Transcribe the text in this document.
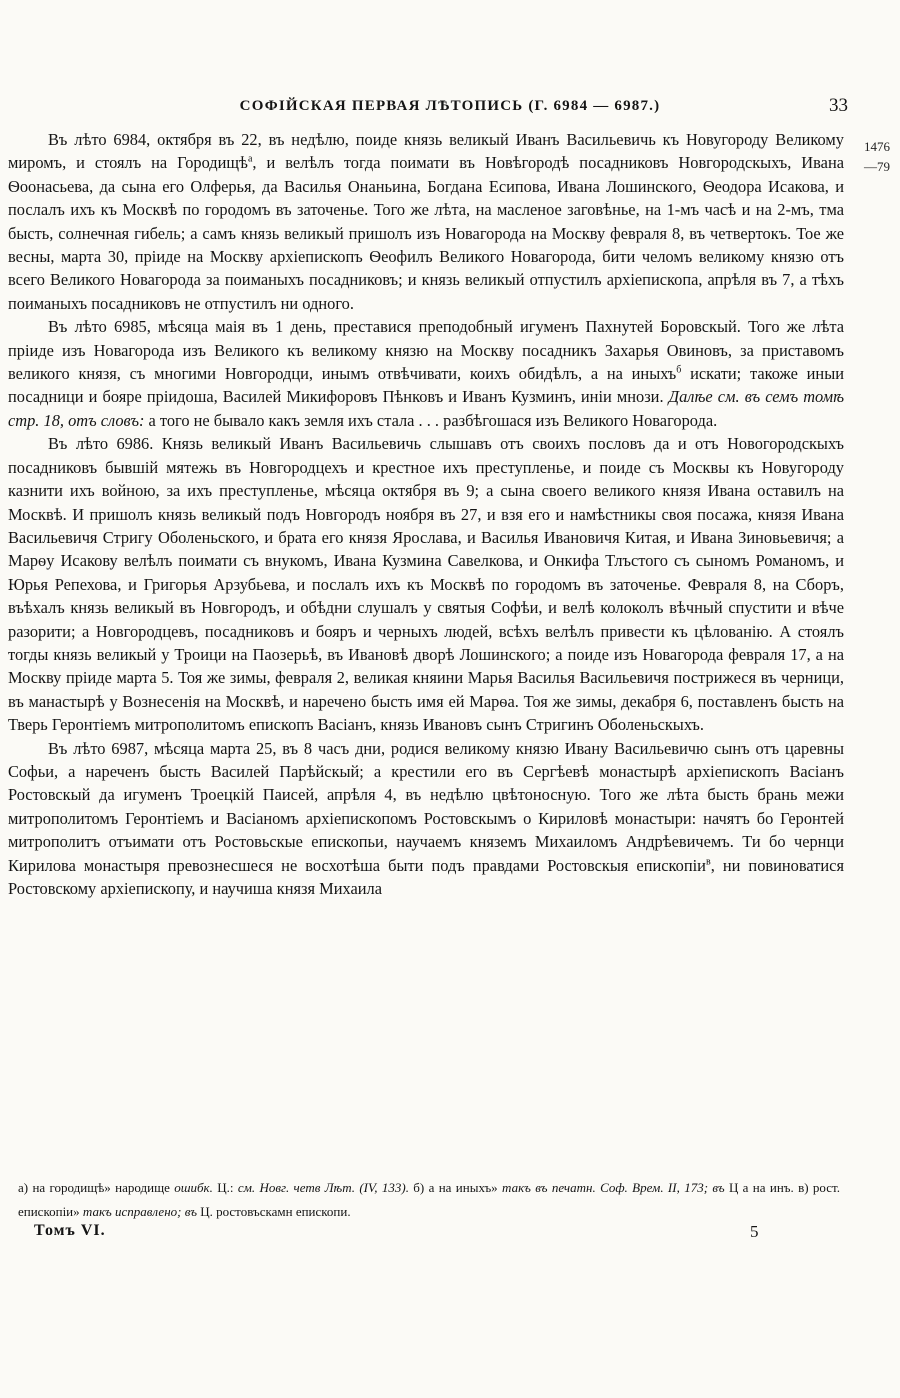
СОФІЙСКАЯ ПЕРВАЯ ЛѢТОПИСЬ (Г. 6984 — 6987.)	33
1476
—79

Въ лѣто 6984, октября въ 22, въ недѣлю, поиде князь великый Иванъ Васильевичь къ Новугороду Великому миромъ, и стоялъ на Городищѣ$^а$, и велѣлъ тогда поимати въ Новѣгородѣ посадниковъ Новгородскыхъ, Ивана Ѳоонасьева, да сына его Олферья, да Василья Онаньина, Богдана Есипова, Ивана Лошинского, Ѳеодора Исакова, и послалъ ихъ къ Москвѣ по городомъ въ заточенье. Того же лѣта, на масленое заговѣнье, на 1-мъ часѣ и на 2-мъ, тма бысть, солнечная гибель; а самъ князь великый пришолъ изъ Новагорода на Москву февраля 8, въ четвертокъ. Тое же весны, марта 30, пріиде на Москву архіепископъ Ѳеофилъ Великого Новагорода, бити челомъ великому князю отъ всего Великого Новагорода за поиманыхъ посадниковъ; и князь великый отпустилъ архіепископа, апрѣля въ 7, а тѣхъ поиманыхъ посадниковъ не отпустилъ ни одного.

Въ лѣто 6985, мѣсяца маія въ 1 день, преставися преподобный игуменъ Пахнутей Боровскый. Того же лѣта пріиде изъ Новагорода изъ Великого къ великому князю на Москву посадникъ Захарья Овиновъ, за приставомъ великого князя, съ многими Новгородци, инымъ отвѣчивати, коихъ обидѣлъ, а на иныхъ$^б$ искати; такоже иныи посадници и бояре пріидоша, Василей Микифоровъ Пѣнковъ и Иванъ Кузминъ, инiи мнози. Далѣе см. въ семъ томѣ стр. 18, отъ словъ: а того не бывало какъ земля ихъ стала . . . разбѣгошася изъ Великого Новагорода.

Въ лѣто 6986. Князь великый Иванъ Васильевичь слышавъ отъ своихъ пословъ да и отъ Новогородскыхъ посадниковъ бывшій мятежь въ Новгородцехъ и крестное ихъ преступленье, и поиде съ Москвы къ Новугороду казнити ихъ войною, за ихъ преступленье, мѣсяца октября въ 9; а сына своего великого князя Ивана оставилъ на Москвѣ. И пришолъ князь великый подъ Новгородъ ноября въ 27, и взя его и намѣстникы своя посажа, князя Ивана Васильевичя Стригу Оболеньского, и брата его князя Ярослава, и Василья Ивановичя Китая, и Ивана Зиновьевичя; а Марѳу Исакову велѣлъ поимати съ внукомъ, Ивана Кузмина Савелкова, и Онкифа Тлъстого съ сыномъ Романомъ, и Юрья Репехова, и Григорья Арзубьева, и послалъ ихъ къ Москвѣ по городомъ въ заточенье. Февраля 8, на Сборъ, въѣхалъ князь великый въ Новгородъ, и обѣдни слушалъ у святыя Софѣи, и велѣ колоколъ вѣчный спустити и вѣче разорити; а Новгородцевъ, посадниковъ и бояръ и черныхъ людей, всѣхъ велѣлъ привести къ цѣлованію. А стоялъ тогды князь великый у Троици на Паозерьѣ, въ Ивановѣ дворѣ Лошинского; а поиде изъ Новагорода февраля 17, а на Москву пріиде марта 5. Тоя же зимы, февраля 2, великая княини Марья Василья Васильевичя пострижеся въ черници, въ манастырѣ у Вознесенія на Москвѣ, и наречено бысть имя ей Марѳа. Тоя же зимы, декабря 6, поставленъ бысть на Тверь Геронтіемъ митрополитомъ епископъ Васіанъ, князь Ивановъ сынъ Стригинъ Оболеньскыхъ.

Въ лѣто 6987, мѣсяца марта 25, въ 8 часъ дни, родися великому князю Ивану Васильевичю сынъ отъ царевны Софьи, а нареченъ бысть Василей Парѣйскый; а крестили его въ Сергѣевѣ монастырѣ архіепископъ Васіанъ Ростовскый да игуменъ Троецкій Паисей, апрѣля 4, въ недѣлю цвѣтоносную. Того же лѣта бысть брань межи митрополитомъ Геронтіемъ и Васіаномъ архіепископомъ Ростовскымъ о Кириловѣ монастыри: начятъ бо Геронтей митрополитъ отъимати отъ Ростовьскые епископьи, научаемъ княземъ Михаиломъ Андрѣевичемъ. Ти бо чернци Кирилова монастыря превознесшеся не восхотѣша быти подъ правдами Ростовскыя епископіи$^в$, ни повиноватися Ростовскому архіепископу, и научиша князя Михаила

а) на городищѣ» народище ошибк. Ц.: см. Новг. четв Лѣт. (IV, 133). б) а на иныхъ» такъ въ печатн. Соф. Врем. II, 173; въ Ц а на инъ. в) рост. епископіи» такъ исправлено; въ Ц. ростовъскамн епископи.

Томъ VI.	5
